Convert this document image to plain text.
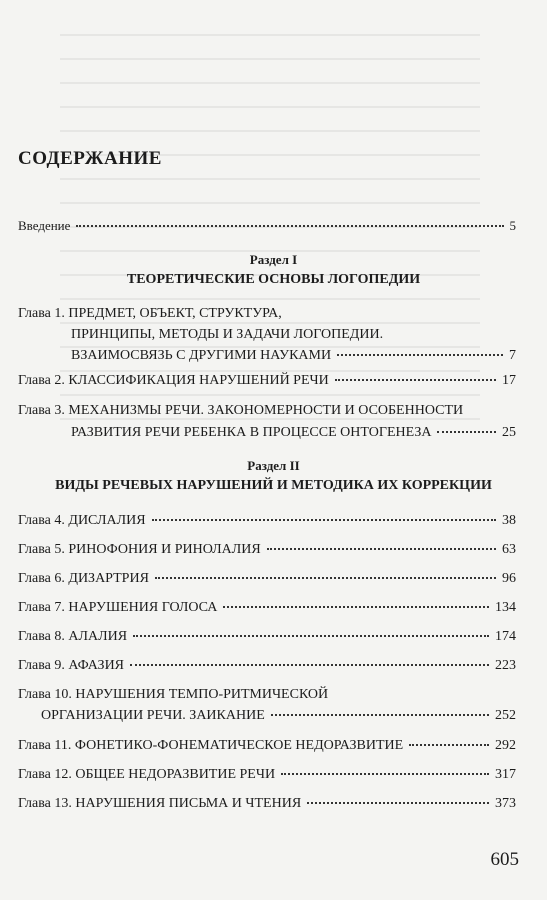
СОДЕРЖАНИЕ
Введение	5
Раздел I
ТЕОРЕТИЧЕСКИЕ ОСНОВЫ ЛОГОПЕДИИ
Глава 1.
ПРЕДМЕТ, ОБЪЕКТ, СТРУКТУРА,
ПРИНЦИПЫ, МЕТОДЫ И ЗАДАЧИ ЛОГОПЕДИИ.
ВЗАИМОСВЯЗЬ С ДРУГИМИ НАУКАМИ	7
Глава 2.
КЛАССИФИКАЦИЯ НАРУШЕНИЙ РЕЧИ	17
Глава 3.
МЕХАНИЗМЫ РЕЧИ. ЗАКОНОМЕРНОСТИ И ОСОБЕННОСТИ
РАЗВИТИЯ РЕЧИ РЕБЕНКА В ПРОЦЕССЕ ОНТОГЕНЕЗА	25
Раздел II
ВИДЫ РЕЧЕВЫХ НАРУШЕНИЙ И МЕТОДИКА ИХ КОРРЕКЦИИ
Глава 4.
ДИСЛАЛИЯ	38
Глава 5.
РИНОФОНИЯ И РИНОЛАЛИЯ	63
Глава 6.
ДИЗАРТРИЯ	96
Глава 7.
НАРУШЕНИЯ ГОЛОСА	134
Глава 8.
АЛАЛИЯ	174
Глава 9.
АФАЗИЯ	223
Глава 10.
НАРУШЕНИЯ ТЕМПО-РИТМИЧЕСКОЙ
ОРГАНИЗАЦИИ РЕЧИ. ЗАИКАНИЕ	252
Глава 11.
ФОНЕТИКО-ФОНЕМАТИЧЕСКОЕ НЕДОРАЗВИТИЕ	292
Глава 12.
ОБЩЕЕ НЕДОРАЗВИТИЕ РЕЧИ	317
Глава 13.
НАРУШЕНИЯ ПИСЬМА И ЧТЕНИЯ	373
605
